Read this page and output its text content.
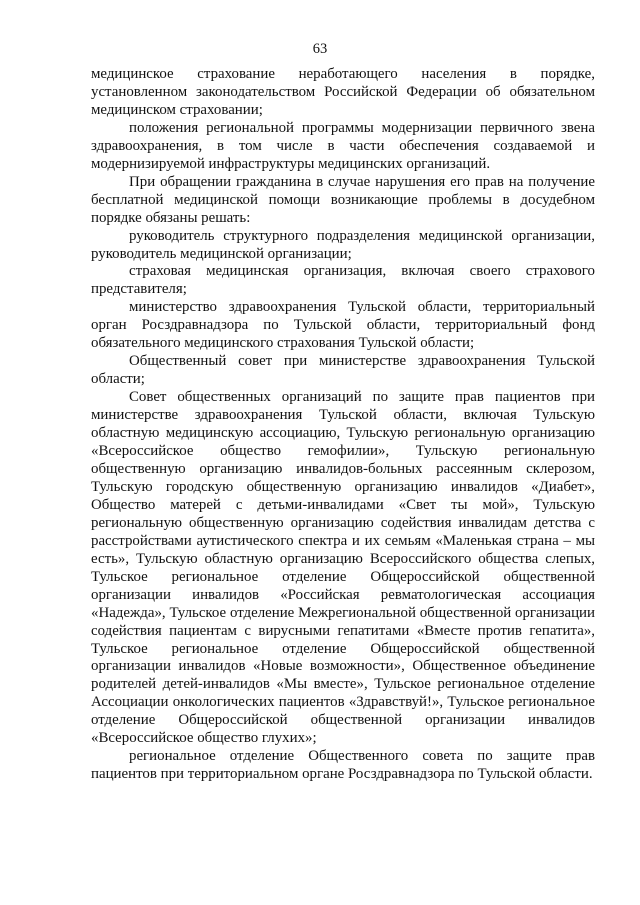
63

медицинское страхование неработающего населения в порядке, установленном законодательством Российской Федерации об обязательном медицинском страховании;

положения региональной программы модернизации первичного звена здравоохранения, в том числе в части обеспечения создаваемой и модернизируемой инфраструктуры медицинских организаций.

При обращении гражданина в случае нарушения его прав на получение бесплатной медицинской помощи возникающие проблемы в досудебном порядке обязаны решать:

руководитель структурного подразделения медицинской организации, руководитель медицинской организации;

страховая медицинская организация, включая своего страхового представителя;

министерство здравоохранения Тульской области, территориальный орган Росздравнадзора по Тульской области, территориальный фонд обязательного медицинского страхования Тульской области;

Общественный совет при министерстве здравоохранения Тульской области;

Совет общественных организаций по защите прав пациентов при министерстве здравоохранения Тульской области, включая Тульскую областную медицинскую ассоциацию, Тульскую региональную организацию «Всероссийское общество гемофилии», Тульскую региональную общественную организацию инвалидов-больных рассеянным склерозом, Тульскую городскую общественную организацию инвалидов «Диабет», Общество матерей с детьми-инвалидами «Свет ты мой», Тульскую региональную общественную организацию содействия инвалидам детства с расстройствами аутистического спектра и их семьям «Маленькая страна – мы есть», Тульскую областную организацию Всероссийского общества слепых, Тульское региональное отделение Общероссийской общественной организации инвалидов «Российская ревматологическая ассоциация «Надежда», Тульское отделение Межрегиональной общественной организации содействия пациентам с вирусными гепатитами «Вместе против гепатита», Тульское региональное отделение Общероссийской общественной организации инвалидов «Новые возможности», Общественное объединение родителей детей-инвалидов «Мы вместе», Тульское региональное отделение Ассоциации онкологических пациентов «Здравствуй!», Тульское региональное отделение Общероссийской общественной организации инвалидов «Всероссийское общество глухих»;

региональное отделение Общественного совета по защите прав пациентов при территориальном органе Росздравнадзора по Тульской области.
